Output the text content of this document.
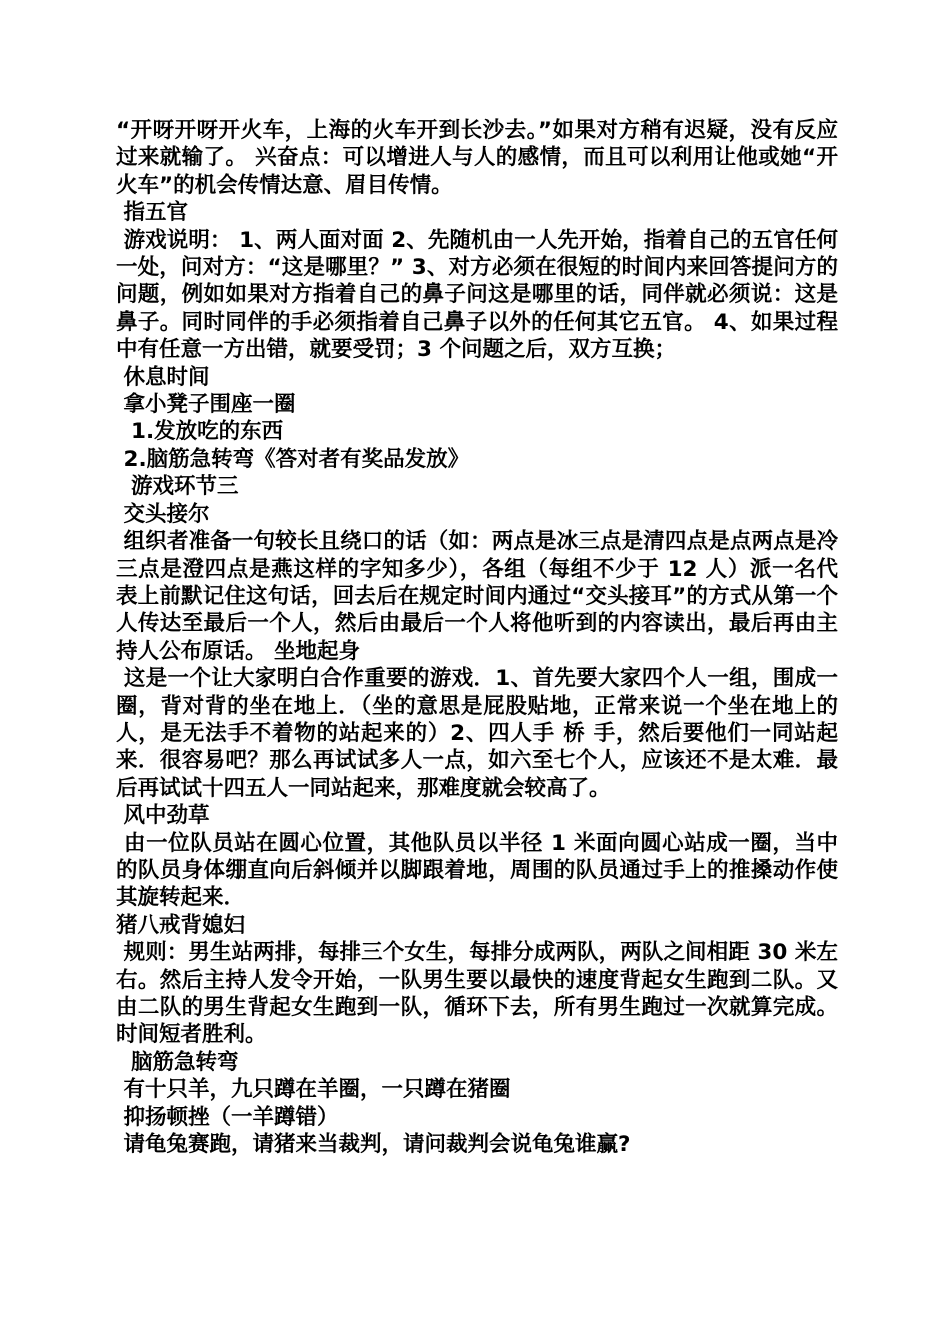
“开呀开呀开火车，上海的火车开到长沙去。”如果对方稍有迟疑，没有反应过来就输了。 兴奋点：可以增进人与人的感情，而且可以利用让他或她“开火车”的机会传情达意、眉目传情。

指五官

游戏说明： 1、两人面对面 2、先随机由一人先开始，指着自己的五官任何一处，问对方：“这是哪里？” 3、对方必须在很短的时间内来回答提问方的问题，例如如果对方指着自己的鼻子问这是哪里的话，同伴就必须说：这是鼻子。同时同伴的手必须指着自己鼻子以外的任何其它五官。 4、如果过程中有任意一方出错，就要受罚；3 个问题之后，双方互换；

休息时间

拿小凳子围座一圈

1.发放吃的东西

2.脑筋急转弯《答对者有奖品发放》

游戏环节三

交头接尔

组织者准备一句较长且绕口的话（如：两点是冰三点是清四点是点两点是冷三点是澄四点是燕这样的字知多少），各组（每组不少于 12 人）派一名代表上前默记住这句话，回去后在规定时间内通过“交头接耳”的方式从第一个人传达至最后一个人，然后由最后一个人将他听到的内容读出，最后再由主持人公布原话。 坐地起身

这是一个让大家明白合作重要的游戏．1、首先要大家四个人一组，围成一圈，背对背的坐在地上．（坐的意思是屁股贴地，正常来说一个坐在地上的人，是无法手不着物的站起来的）2、四人手 桥 手，然后要他们一同站起来．很容易吧？那么再试试多人一点，如六至七个人，应该还不是太难．最后再试试十四五人一同站起来，那难度就会较高了。

风中劲草

由一位队员站在圆心位置，其他队员以半径 1 米面向圆心站成一圈，当中的队员身体绷直向后斜倾并以脚跟着地，周围的队员通过手上的推搡动作使其旋转起来．

猪八戒背媳妇

规则：男生站两排，每排三个女生，每排分成两队，两队之间相距 30 米左右。然后主持人发令开始，一队男生要以最快的速度背起女生跑到二队。又由二队的男生背起女生跑到一队，循环下去，所有男生跑过一次就算完成。时间短者胜利。

脑筋急转弯

有十只羊，九只蹲在羊圈，一只蹲在猪圈

抑扬顿挫（一羊蹲错）

请龟兔赛跑，请猪来当裁判，请问裁判会说龟兔谁赢?
